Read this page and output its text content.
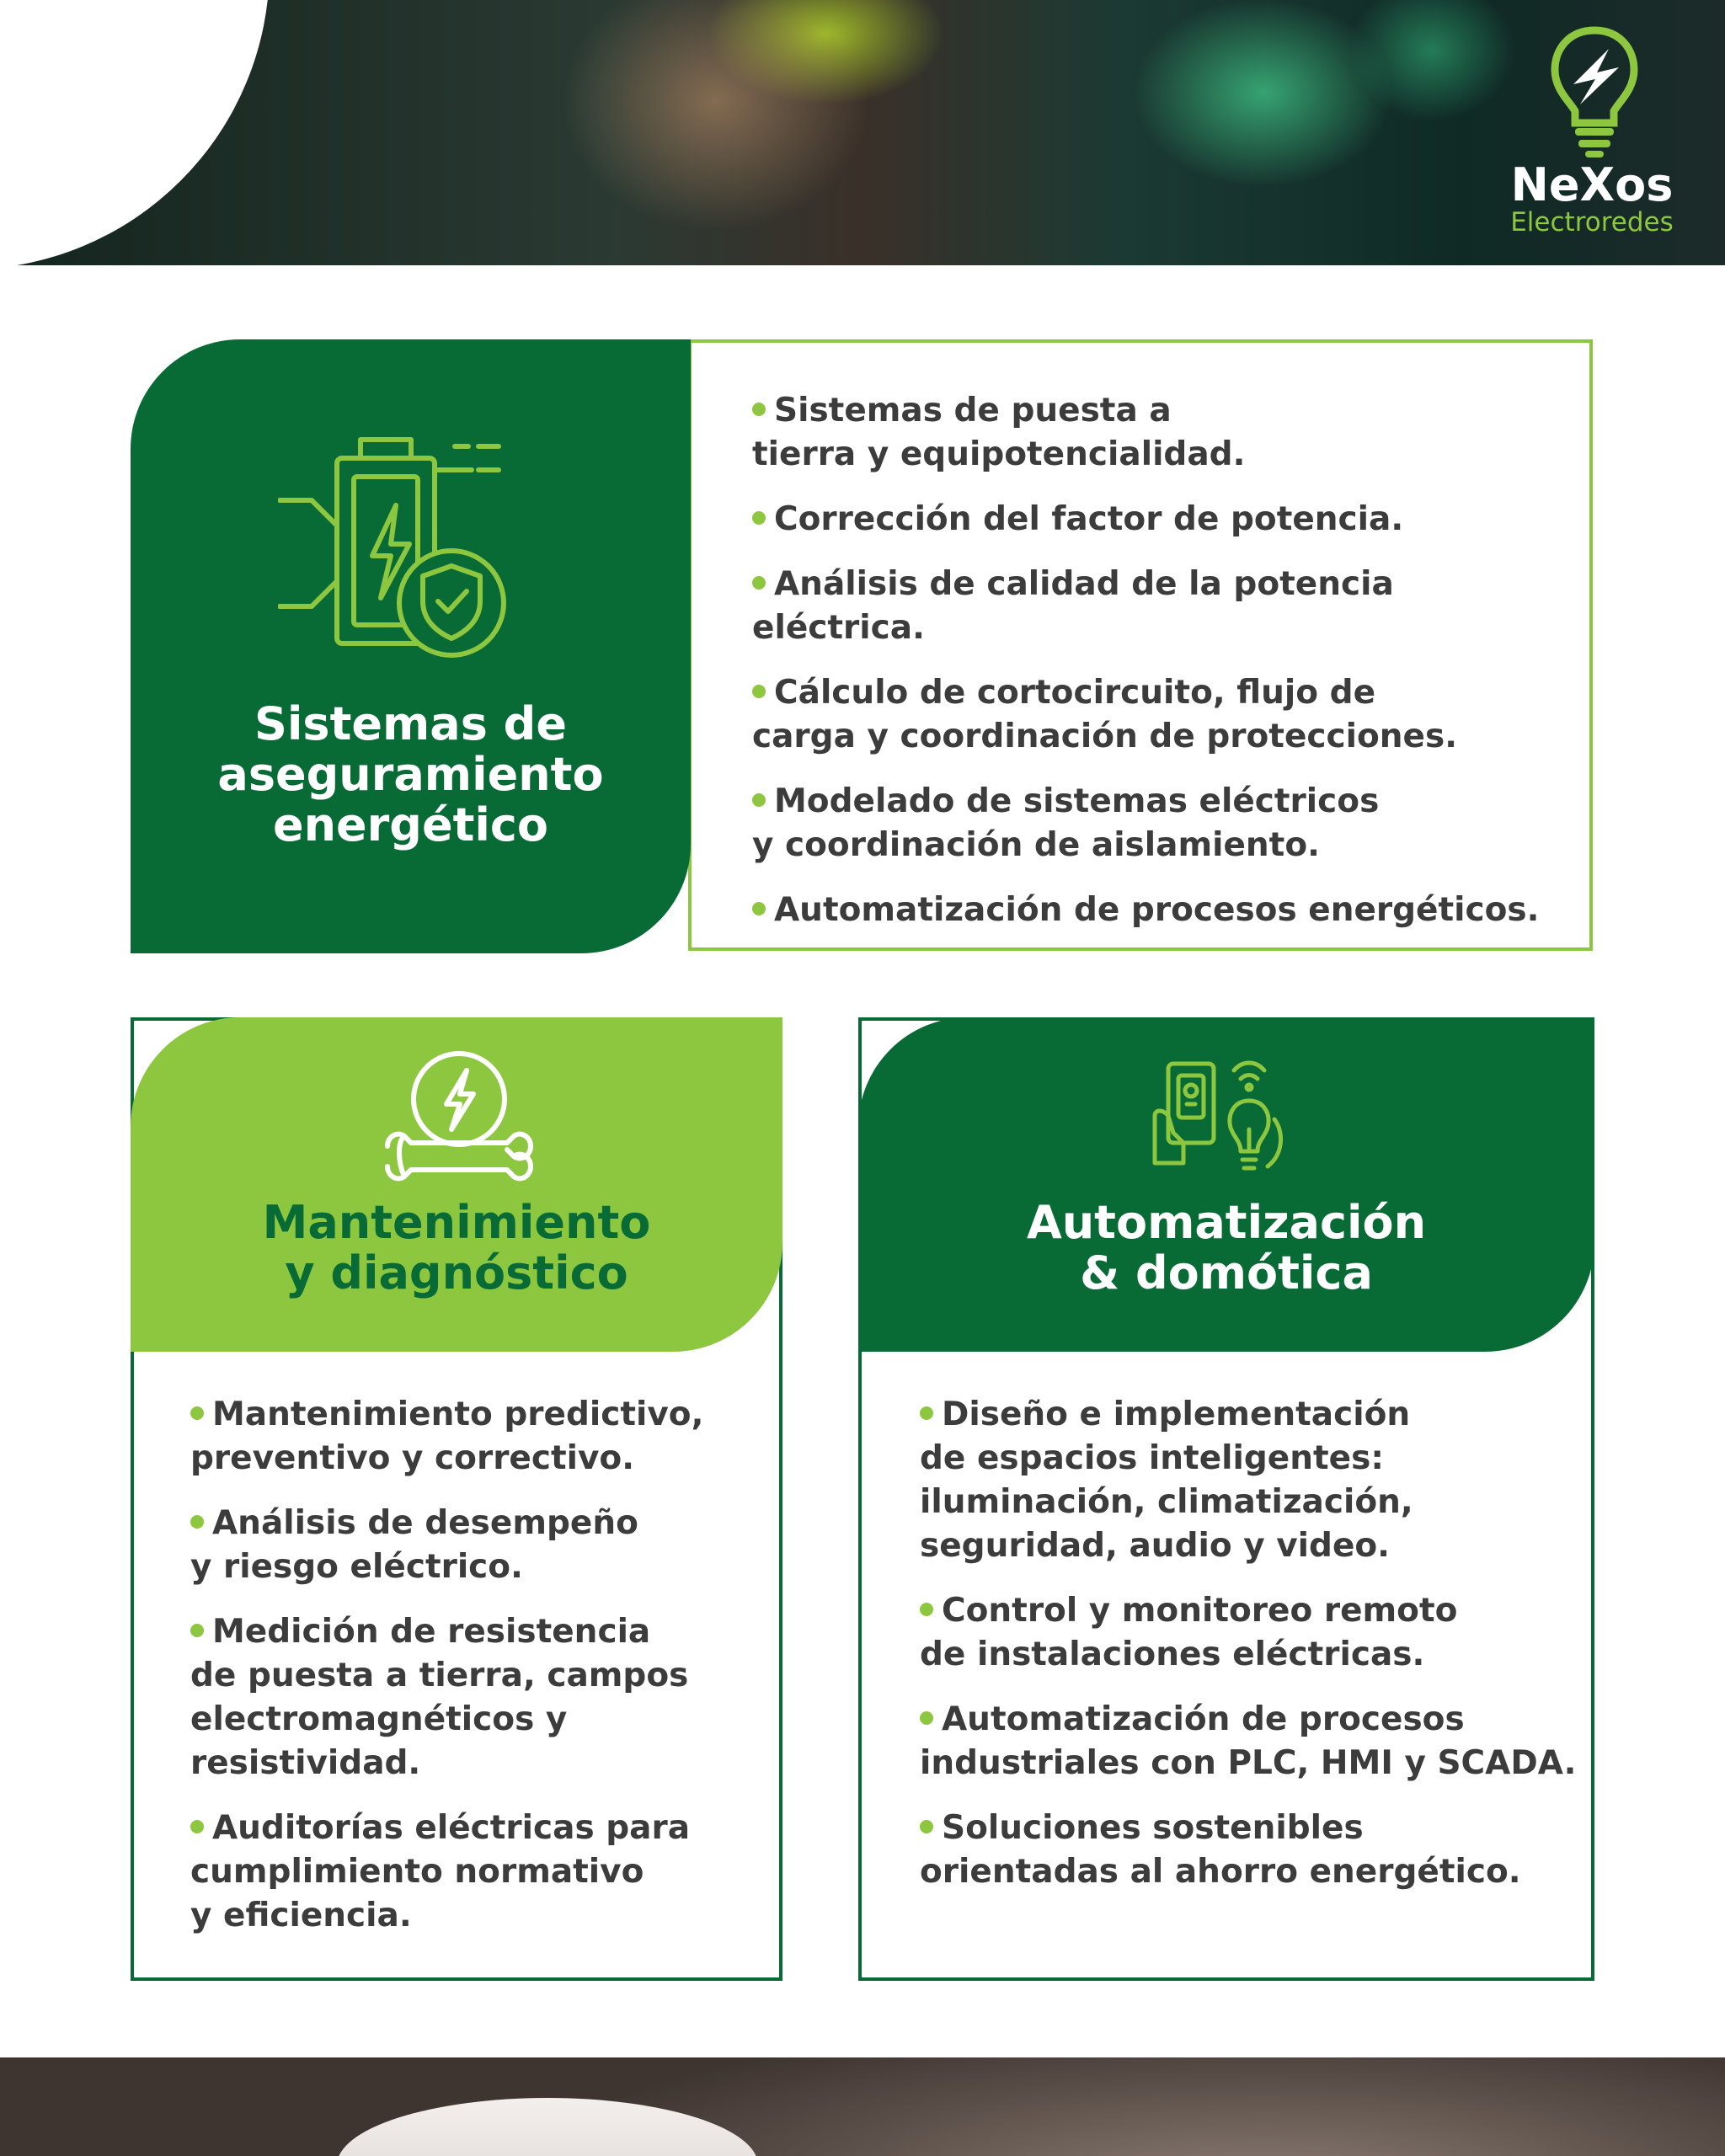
NeXos
Electroredes
Sistemas de
aseguramiento
energético
Sistemas de puesta a
tierra y equipotencialidad.
Corrección del factor de potencia.
Análisis de calidad de la potencia eléctrica.
Cálculo de cortocircuito, flujo de
carga y coordinación de protecciones.
Modelado de sistemas eléctricos
y coordinación de aislamiento.
Automatización de procesos energéticos.
Mantenimiento
y diagnóstico
Mantenimiento predictivo,
preventivo y correctivo.
Análisis de desempeño
y riesgo eléctrico.
Medición de resistencia
de puesta a tierra, campos
electromagnéticos y
resistividad.
Auditorías eléctricas para
cumplimiento normativo
y eficiencia.
Automatización
& domótica
Diseño e implementación
de espacios inteligentes:
iluminación, climatización,
seguridad, audio y video.
Control y monitoreo remoto
de instalaciones eléctricas.
Automatización de procesos
industriales con PLC, HMI y SCADA.
Soluciones sostenibles
orientadas al ahorro energético.
